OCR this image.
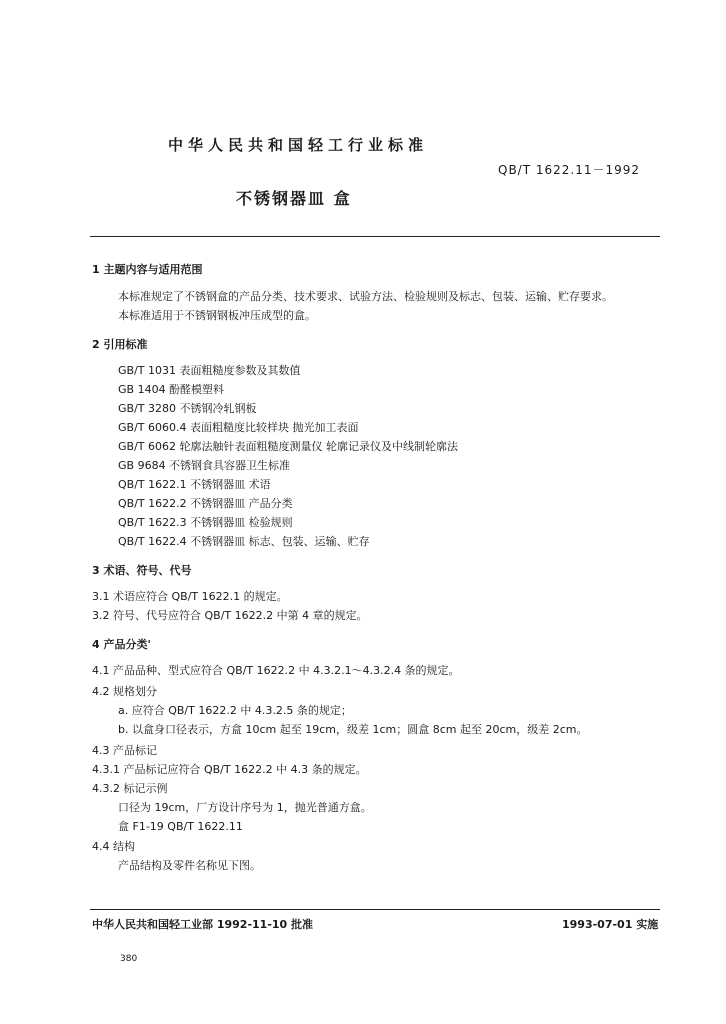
中华人民共和国轻工行业标准
QB/T 1622.11－1992
不锈钢器皿 盒
1 主题内容与适用范围
本标准规定了不锈钢盒的产品分类、技术要求、试验方法、检验规则及标志、包装、运输、贮存要求。
本标准适用于不锈钢钢板冲压成型的盒。
2 引用标准
GB/T 1031 表面粗糙度参数及其数值
GB 1404 酚醛模塑料
GB/T 3280 不锈钢冷轧钢板
GB/T 6060.4 表面粗糙度比较样块 抛光加工表面
GB/T 6062 轮廓法触针表面粗糙度测量仪 轮廓记录仪及中线制轮廓法
GB 9684 不锈钢食具容器卫生标准
QB/T 1622.1 不锈钢器皿 术语
QB/T 1622.2 不锈钢器皿 产品分类
QB/T 1622.3 不锈钢器皿 检验规则
QB/T 1622.4 不锈钢器皿 标志、包装、运输、贮存
3 术语、符号、代号
3.1 术语应符合 QB/T 1622.1 的规定。
3.2 符号、代号应符合 QB/T 1622.2 中第 4 章的规定。
4 产品分类'
4.1 产品品种、型式应符合 QB/T 1622.2 中 4.3.2.1～4.3.2.4 条的规定。
4.2 规格划分
a. 应符合 QB/T 1622.2 中 4.3.2.5 条的规定；
b. 以盒身口径表示，方盒 10cm 起至 19cm，级差 1cm；圆盒 8cm 起至 20cm，级差 2cm。
4.3 产品标记
4.3.1 产品标记应符合 QB/T 1622.2 中 4.3 条的规定。
4.3.2 标记示例
口径为 19cm，厂方设计序号为 1，抛光普通方盒。
盒 F1-19 QB/T 1622.11
4.4 结构
产品结构及零件名称见下图。
中华人民共和国轻工业部 1992-11-10 批准	1993-07-01 实施
380
